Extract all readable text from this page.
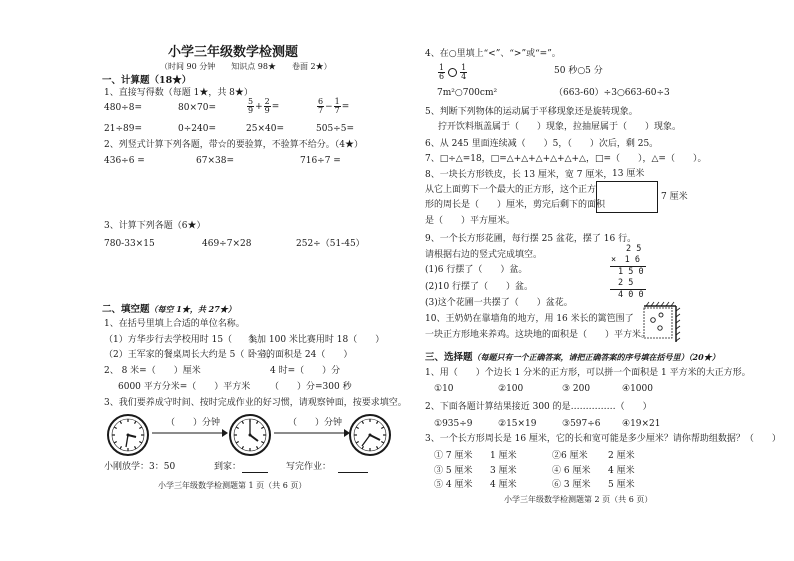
小学三年级数学检测题
（时间 90 分钟　　知识点 98★　　卷面 2★）
一、计算题（18★）
1、直接写得数（每题 1★，共 8★）
480÷8=	80×70=	$\frac{5}{9} + \frac{2}{9}$ =	$\frac{6}{7} - \frac{1}{7}$ =
21÷89=	0÷240=	25×40=	505÷5=
2、列竖式计算下列各题，带☆的要验算，不验算不给分。（4★）
436÷6 =	67×38=	716÷7 =
3、计算下列各题（6★）
780-33×15	469÷7×28	252÷（51-45）
二、填空题（每空 1★，共 27★）
1、在括号里填上合适的单位名称。
（1）方华步行去学校用时 15（　　），
参加 100 米比赛用时 18（　　）
（2）王军家的餐桌周长大约是 5（　　），
卧室的面积是 24（　　）
2、 8 米=（　　）厘米	4 时=（　　）分
6000 平方分米=（　　）平方米 （　　）分=300 秒
3、我们要养成守时间、按时完成作业的好习惯，请观察钟面，按要求填空。
（　　）分钟	（　　）分钟
小刚放学：3：50	到家：	写完作业：
小学三年级数学检测题第 1 页（共 6 页）
4、在○里填上“<”、“>”或“=”。
$\frac{1}{6} \frac{1}{4}$	50 秒○5 分
7m²○700cm²	（663-60）÷3○663-60÷3
5、判断下列物体的运动属于平移现象还是旋转现象。
拧开饮料瓶盖属于（　　）现象，拉抽屉属于（　　）现象。
6、从 245 里面连续减（　　）5，（　　）次后，剩 25。
7、□÷△=18，□=△+△+△+△+△+△，□=（　　），△=（　　）。
8、一块长方形铁皮，长 13 厘米，宽 7 厘米，
从它上面剪下一个最大的正方形，这个正方
形的周长是（　　）厘米，剪完后剩下的面积
是（　　）平方厘米。
13 厘米
7 厘米
9、一个长方形花圃，每行摆 25 盆花，摆了 16 行。
请根据右边的竖式完成填空。
(1)6 行摆了（　　）盆。
(2)10 行摆了（　　）盆。
(3)这个花圃一共摆了（　　）盆花。
2 5
×　1 6
1 5 0
2 5
4 0 0
10、王奶奶在靠墙角的地方，用 16 米长的篱笆围了
一块正方形地来养鸡。这块地的面积是（　　）平方米。
三、选择题（每题只有一个正确答案，请把正确答案的序号填在括号里）（20★）
1、用（　　）个边长 1 分米的正方形，可以拼一个面积是 1 平方米的大正方形。
①10	②100	③ 200	④1000
2、下面各题计算结果接近 300 的是……………（　　）
①935÷9	②15×19	③597÷6 ④19×21
3、一个长方形周长是 16 厘米，它的长和宽可能是多少厘米？请你帮助组数据？（　　）
① 7 厘米 1 厘米	②6 厘米 2 厘米
③ 5 厘米 3 厘米	④ 6 厘米 4 厘米
⑤ 4 厘米 4 厘米	⑥ 3 厘米 5 厘米
小学三年级数学检测题第 2 页（共 6 页）
